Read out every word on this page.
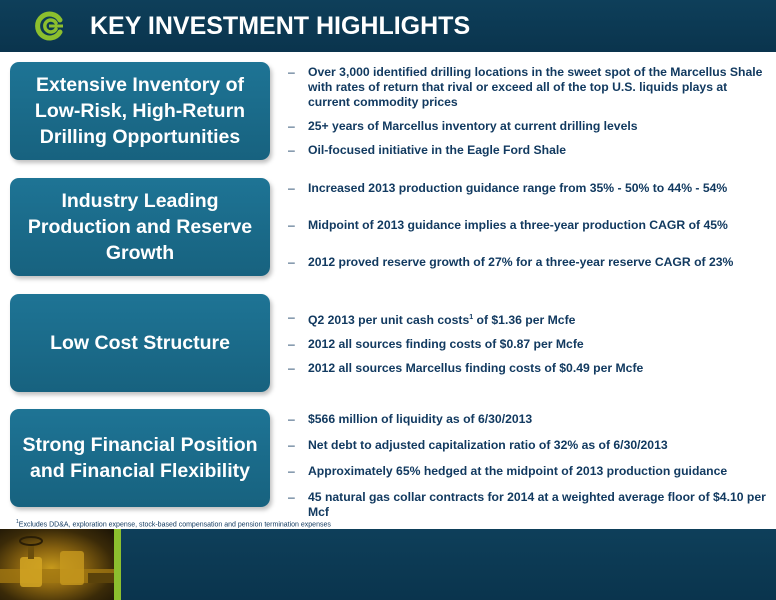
KEY INVESTMENT HIGHLIGHTS
Extensive Inventory of Low-Risk, High-Return Drilling Opportunities
– Over 3,000 identified drilling locations in the sweet spot of the Marcellus Shale with rates of return that rival or exceed all of the top U.S. liquids plays at current commodity prices
– 25+ years of Marcellus inventory at current drilling levels
– Oil-focused initiative in the Eagle Ford Shale
Industry Leading Production and Reserve Growth
– Increased 2013 production guidance range from 35% - 50% to 44% - 54%
– Midpoint of 2013 guidance implies a three-year production CAGR of 45%
– 2012 proved reserve growth of 27% for a three-year reserve CAGR of 23%
Low Cost Structure
– Q2 2013 per unit cash costs$^1$ of $1.36 per Mcfe
– 2012 all sources finding costs of $0.87 per Mcfe
– 2012 all sources Marcellus finding costs of $0.49 per Mcfe
Strong Financial Position and Financial Flexibility
– $566 million of liquidity as of 6/30/2013
– Net debt to adjusted capitalization ratio of 32% as of 6/30/2013
– Approximately 65% hedged at the midpoint of 2013 production guidance
– 45 natural gas collar contracts for 2014 at a weighted average floor of $4.10 per Mcf
$^1$Excludes DD&A, exploration expense, stock-based compensation and pension termination expenses
